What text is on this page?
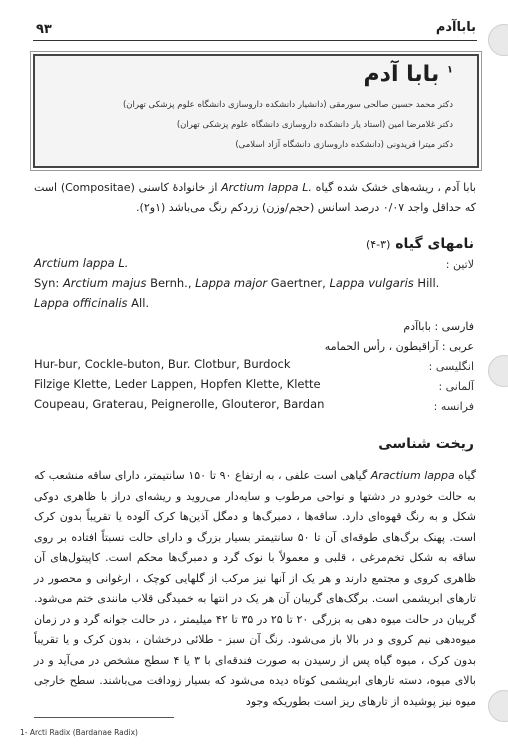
۹۳	باباآدم
$^۱$ بابا آدم
دکتر محمد حسین صالحی سورمقی (دانشیار دانشکده داروسازی دانشگاه علوم پزشکی تهران)
دکتر غلامرضا امین (استاد یار دانشکده داروسازی دانشگاه علوم پزشکی تهران)
دکتر میترا فریدونی (دانشکده داروسازی دانشگاه آزاد اسلامی)
بابا آدم ، ریشه‌های خشک شده گیاه Arctium lappa L. از خانوادهٔ کاسنی (Compositae) است که حداقل واجد ۰/۰۷ درصد اسانس (حجم/وزن) زردکم رنگ می‌باشد (۱و۲).
نامهای گیاه (۳-۴)
لاتین :
Arctium lappa L.
Syn: Arctium majus Bernh., Lappa major Gaertner, Lappa vulgaris Hill.
Lappa officinalis All.
فارسی : باباآدم
عربی : آراقیطون ، رأس الحمامه
انگلیسی :
Hur-bur, Cockle-buton, Bur. Clotbur, Burdock
آلمانی :
Filzige Klette, Leder Lappen, Hopfen Klette, Klette
فرانسه :
Coupeau, Graterau, Peignerolle, Glouteror, Bardan
ریخت شناسی
گیاه Aractium lappa گیاهی است علفی ، به ارتفاع ۹۰ تا ۱۵۰ سانتیمتر، دارای ساقه منشعب که به حالت خودرو در دشتها و نواحی مرطوب و سایه‌دار می‌روید و ریشه‌ای دراز با ظاهری دوکی شکل و به رنگ قهوه‌ای دارد. ساقه‌ها ، دمبرگ‌ها و دمگل آذین‌ها کرک آلوده یا تقریباً بدون کرک است. پهنک برگ‌های طوقه‌ای آن تا ۵۰ سانتیمتر بسیار بزرگ و دارای حالت نسبتاً افتاده بر روی ساقه به شکل تخم‌مرغی ، قلبی و معمولاً با نوک گرد و دمبرگ‌ها محکم است. کاپیتول‌های آن ظاهری کروی و مجتمع دارند و هر یک از آنها نیز مرکب از گلهایی کوچک ، ارغوانی و محصور در تارهای ابریشمی است. برگک‌های گریبان آن هر یک در انتها به خمیدگی قلاب مانندی ختم می‌شود. گریبان در حالت میوه دهی به بزرگی ۲۰ تا ۲۵ در ۳۵ تا ۴۲ میلیمتر ، در حالت جوانه گرد و در زمان میوه‌دهی نیم کروی و در بالا باز می‌شود. رنگ آن سبز - طلائی درخشان ، بدون کرک و یا تقریباً بدون کرک ، میوه گیاه پس از رسیدن به صورت فندقه‌ای با ۳ یا ۴ سطح مشخص در می‌آید و در بالای میوه، دسته تارهای ابریشمی کوتاه دیده می‌شود که بسیار زودافت می‌باشند. سطح خارجی میوه نیز پوشیده از تارهای ریز است بطوریکه وجود
1- Arcti Radix (Bardanae Radix)
